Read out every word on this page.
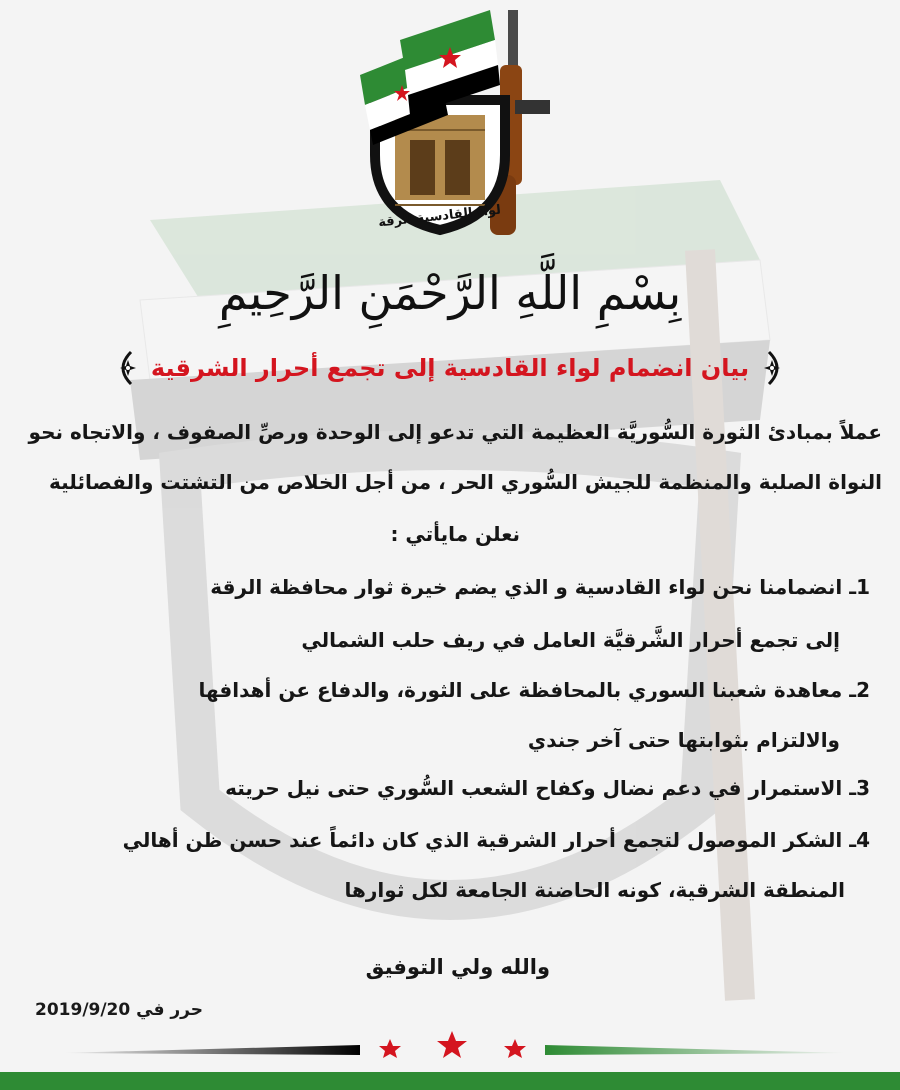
لواء القادسية الرقة
بِسْمِ اللَّهِ الرَّحْمَنِ الرَّحِيمِ
بيان انضمام لواء القادسية إلى تجمع أحرار الشرقية
عملاً بمبادئ الثورة السُّوريَّة العظيمة التي تدعو إلى الوحدة ورصِّ الصفوف ، والاتجاه نحو
النواة الصلبة والمنظمة للجيش السُّوري الحر ، من أجل الخلاص من التشتت والفصائلية
نعلن مايأتي :
1ـ انضمامنا نحن لواء القادسية و الذي يضم خيرة ثوار محافظة الرقة
إلى تجمع أحرار الشَّرقيَّة العامل في ريف حلب الشمالي
2ـ معاهدة شعبنا السوري بالمحافظة على الثورة، والدفاع عن أهدافها
والالتزام بثوابتها حتى آخر جندي
3ـ الاستمرار في دعم نضال وكفاح الشعب السُّوري حتى نيل حريته
4ـ الشكر الموصول لتجمع أحرار الشرقية الذي كان دائماً عند حسن ظن أهالي
المنطقة الشرقية، كونه الحاضنة الجامعة لكل ثوارها
والله ولي التوفيق
حرر في 2019/9/20
